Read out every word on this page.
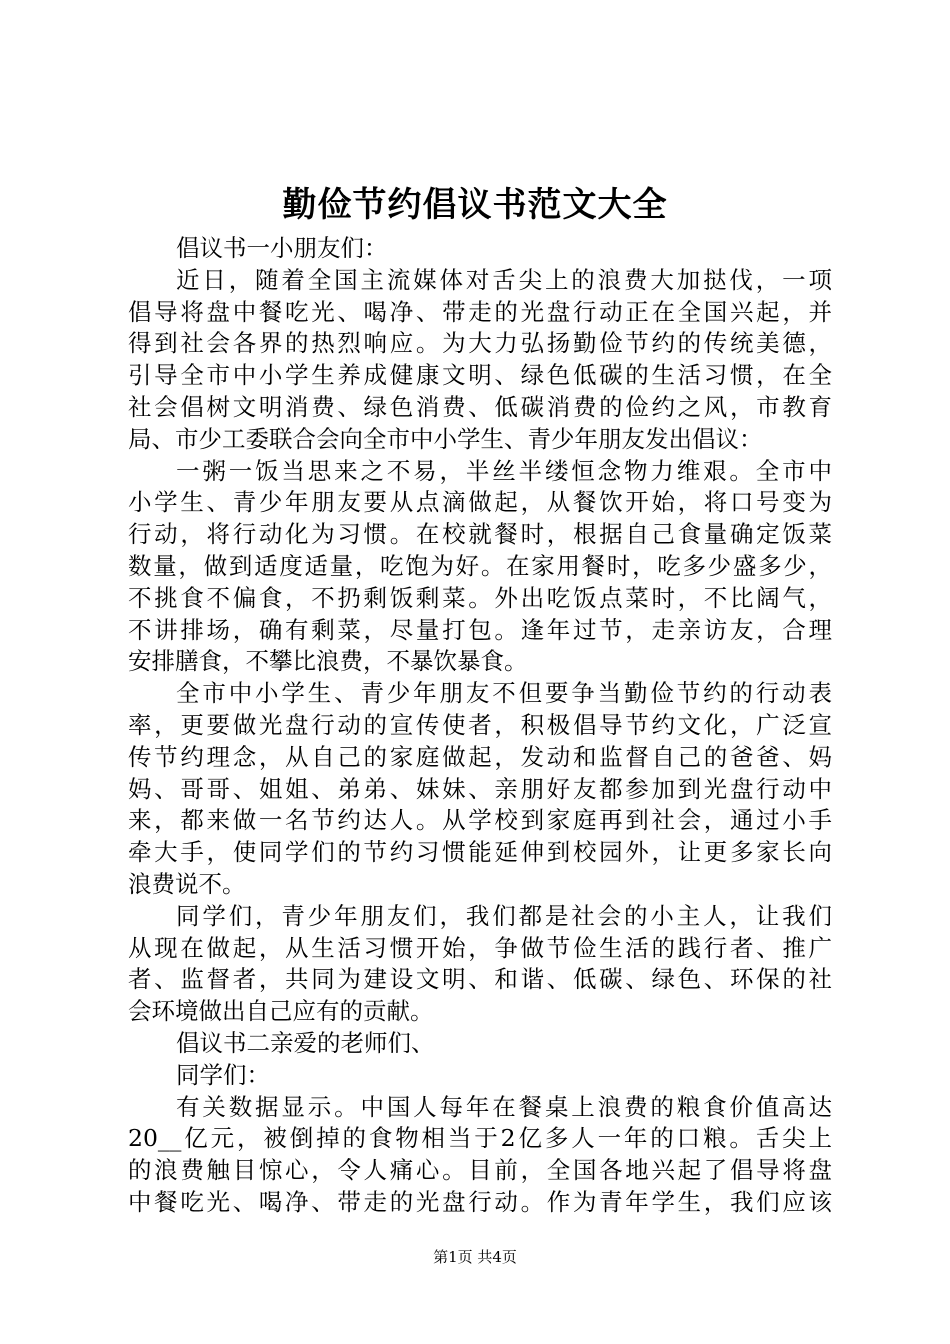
勤俭节约倡议书范文大全
倡议书一小朋友们：
近日，随着全国主流媒体对舌尖上的浪费大加挞伐，一项
倡导将盘中餐吃光、喝净、带走的光盘行动正在全国兴起，并
得到社会各界的热烈响应。为大力弘扬勤俭节约的传统美德，
引导全市中小学生养成健康文明、绿色低碳的生活习惯，在全
社会倡树文明消费、绿色消费、低碳消费的俭约之风，市教育
局、市少工委联合会向全市中小学生、青少年朋友发出倡议：
一粥一饭当思来之不易，半丝半缕恒念物力维艰。全市中
小学生、青少年朋友要从点滴做起，从餐饮开始，将口号变为
行动，将行动化为习惯。在校就餐时，根据自己食量确定饭菜
数量，做到适度适量，吃饱为好。在家用餐时，吃多少盛多少，
不挑食不偏食，不扔剩饭剩菜。外出吃饭点菜时，不比阔气，
不讲排场，确有剩菜，尽量打包。逢年过节，走亲访友，合理
安排膳食，不攀比浪费，不暴饮暴食。
全市中小学生、青少年朋友不但要争当勤俭节约的行动表
率，更要做光盘行动的宣传使者，积极倡导节约文化，广泛宣
传节约理念，从自己的家庭做起，发动和监督自己的爸爸、妈
妈、哥哥、姐姐、弟弟、妹妹、亲朋好友都参加到光盘行动中
来，都来做一名节约达人。从学校到家庭再到社会，通过小手
牵大手，使同学们的节约习惯能延伸到校园外，让更多家长向
浪费说不。
同学们，青少年朋友们，我们都是社会的小主人，让我们
从现在做起，从生活习惯开始，争做节俭生活的践行者、推广
者、监督者，共同为建设文明、和谐、低碳、绿色、环保的社
会环境做出自己应有的贡献。
倡议书二亲爱的老师们、
同学们：
有关数据显示。中国人每年在餐桌上浪费的粮食价值高达
20__亿元，被倒掉的食物相当于2亿多人一年的口粮。舌尖上
的浪费触目惊心，令人痛心。目前，全国各地兴起了倡导将盘
中餐吃光、喝净、带走的光盘行动。作为青年学生，我们应该
第1页 共4页
